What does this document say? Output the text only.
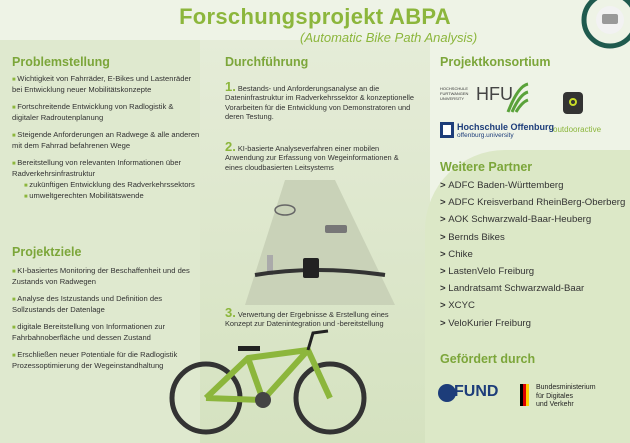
Forschungsprojekt ABPA
(Automatic Bike Path Analysis)
Problemstellung
■ Wichtigkeit von Fahrräder, E-Bikes und Lastenräder bei Entwicklung neuer Mobilitätskonzepte
■ Fortschreitende Entwicklung von Radlogistik & digitaler Radroutenplanung
■ Steigende Anforderungen an Radwege & alle anderen mit dem Fahrrad befahrenen Wege
■ Bereitstellung von relevanten Informationen über Radverkehrsinfrastruktur
■ zukünftigen Entwicklung des Radverkehrssektors
■ umweltgerechten Mobilitätswende
Projektziele
■ KI-basiertes Monitoring der Beschaffenheit und des Zustands von Radwegen
■ Analyse des Istzustands und Definition des Sollzustands der Datenlage
■ digitale Bereitstellung von Informationen zur Fahrbahnoberfläche und dessen Zustand
■ Erschließen neuer Potentiale für die Radlogistik Prozessoptimierung der Wegeinstandhaltung
Durchführung
1. Bestands- und Anforderungsanalyse an die Dateninfrastruktur im Radverkehrssektor & konzeptionelle Vorarbeiten für die Entwicklung von Demonstratoren und deren Testung.
2. KI-basierte Analyseverfahren einer mobilen Anwendung zur Erfassung von Wegeinformationen & eines cloudbasierten Leitsystems
3. Verwertung der Ergebnisse & Erstellung eines Konzept zur Datenintegration und -bereitstellung
Projektkonsortium
HOCHSCHULE FURTWANGEN UNIVERSITY HFU
Hochschule Offenburg
offenburg.university
outdooractive
Weitere Partner
> ADFC Baden-Württemberg
> ADFC Kreisverband RheinBerg-Oberberg
> AOK Schwarzwald-Baar-Heuberg
> Bernds Bikes
> Chike
> LastenVelo Freiburg
> Landratsamt Schwarzwald-Baar
> XCYC
> VeloKurier Freiburg
Gefördert durch
FUND	Bundesministerium
für Digitales
und Verkehr
